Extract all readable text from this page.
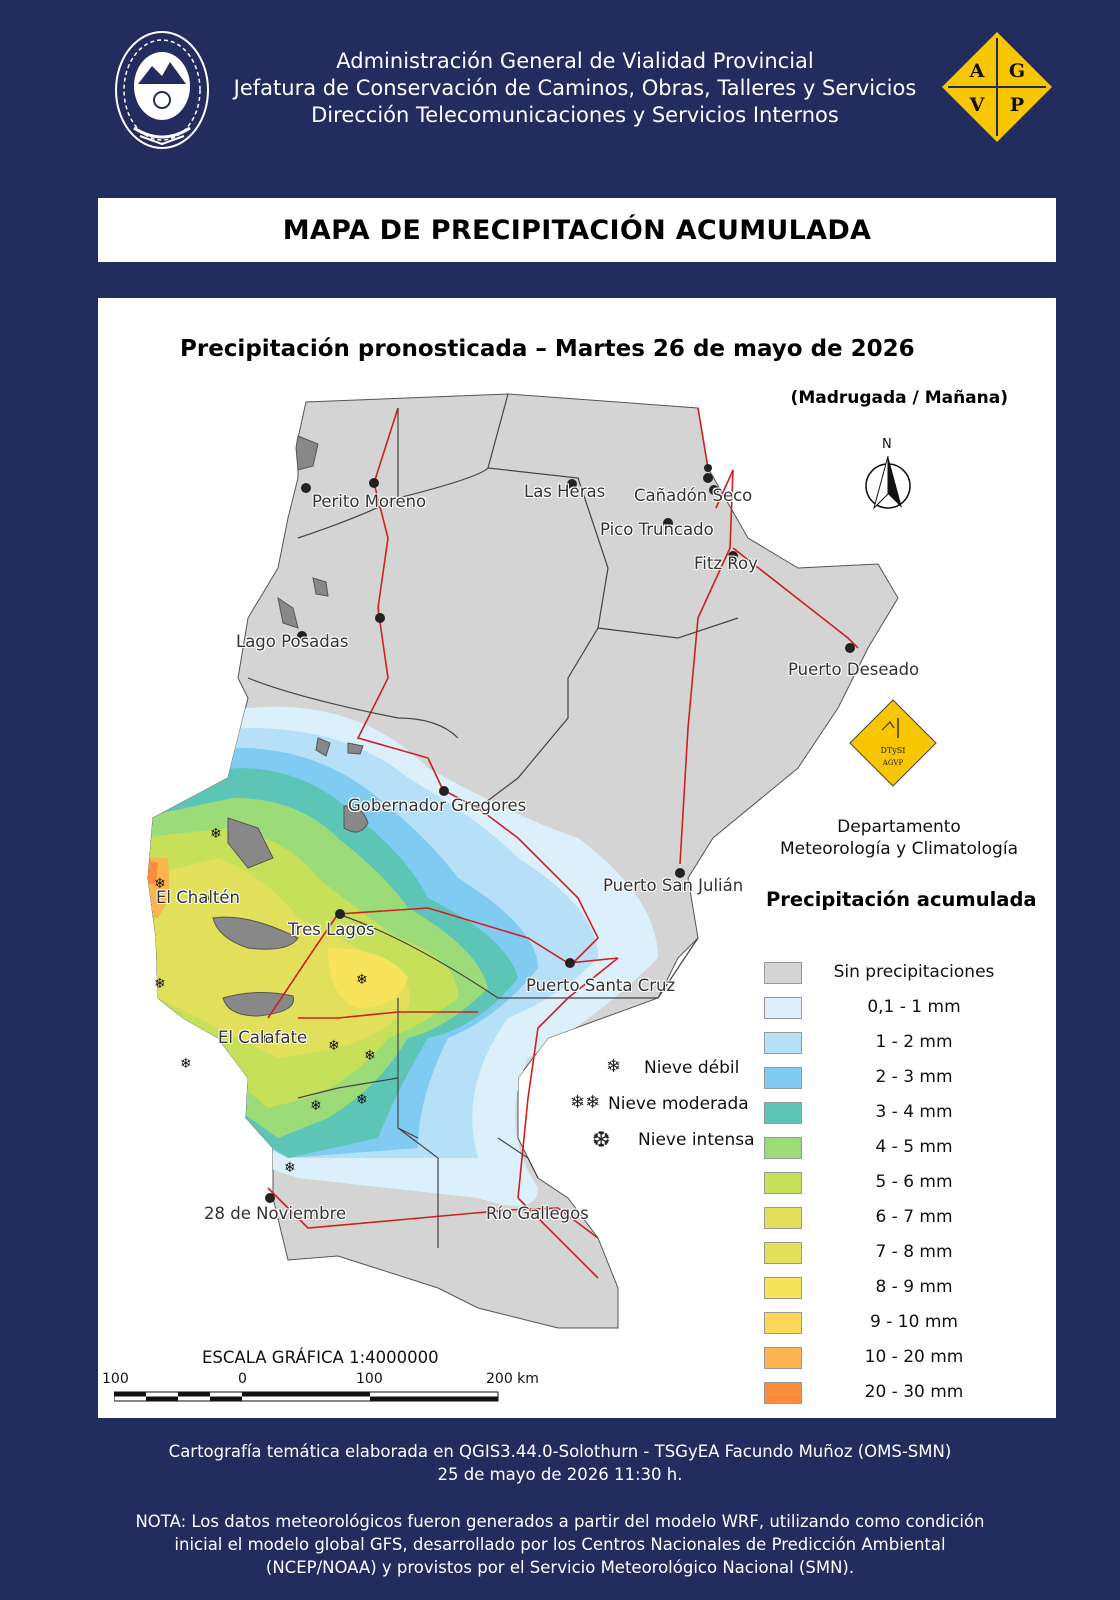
Administración General de Vialidad Provincial
Jefatura de Conservación de Caminos, Obras, Talleres y Servicios
Dirección Telecomunicaciones y Servicios Internos
A G
V P
MAPA DE PRECIPITACIÓN ACUMULADA
Precipitación pronosticada – Martes 26 de mayo de 2026
(Madrugada / Mañana)
❄
❄
❄	❄
❄
❄
❄
❄ ❄
❄
N
DTySI
AGVP
Perito Moreno
Las Heras Cañadón Seco
Pico Truncado
Fitz Roy
Lago Posadas
Puerto Deseado
Gobernador Gregores
Puerto San Julián
El Chaltén
Tres Lagos
Puerto Santa Cruz
El Calafate
28 de Noviembre	Río Gallegos
Departamento
Meteorología y Climatología
Precipitación acumulada
Sin precipitaciones
0,1 - 1 mm
1 - 2 mm
2 - 3 mm
3 - 4 mm
4 - 5 mm
5 - 6 mm
6 - 7 mm
7 - 8 mm
8 - 9 mm
9 - 10 mm
10 - 20 mm
20 - 30 mm
❄ Nieve débil
❄❄ Nieve moderada
❆ Nieve intensa
ESCALA GRÁFICA 1:4000000
100	0	100	200 km
Cartografía temática elaborada en QGIS3.44.0-Solothurn - TSGyEA Facundo Muñoz (OMS-SMN)
25 de mayo de 2026 11:30 h.
NOTA: Los datos meteorológicos fueron generados a partir del modelo WRF, utilizando como condición
inicial el modelo global GFS, desarrollado por los Centros Nacionales de Predicción Ambiental
(NCEP/NOAA) y provistos por el Servicio Meteorológico Nacional (SMN).
